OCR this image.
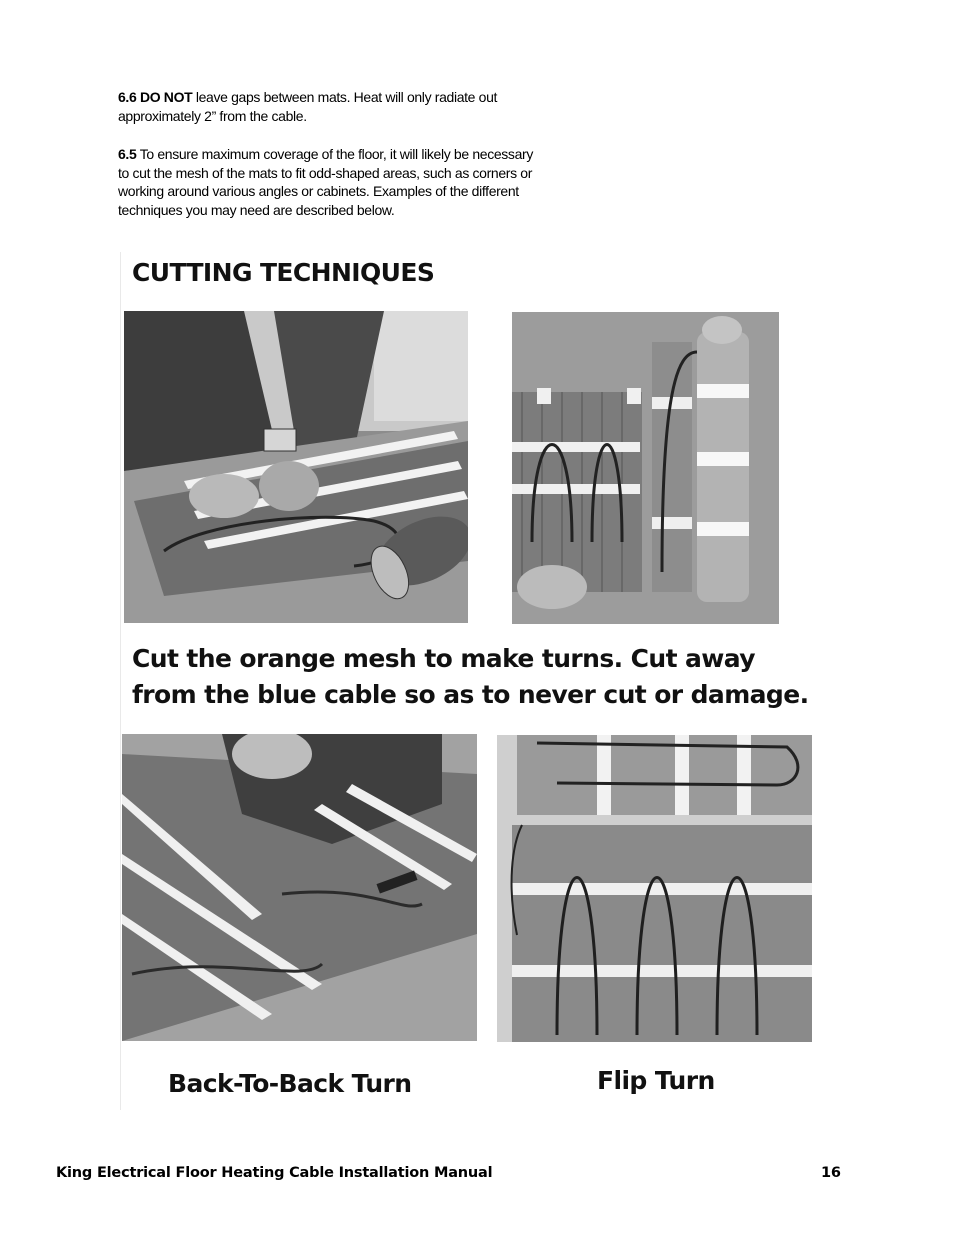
6.6 DO NOT leave gaps between mats. Heat will only radiate out approximately 2” from the cable.
6.5 To ensure maximum coverage of the floor, it will likely be necessary to cut the mesh of the mats to fit odd-shaped areas, such as corners or working around various angles or cabinets. Examples of the different techniques you may need are described below.
CUTTING TECHNIQUES
Cut the orange mesh to make turns. Cut away
from the blue cable so as to never cut or damage.
Back-To-Back Turn	Flip Turn
King Electrical Floor Heating Cable Installation Manual	16
